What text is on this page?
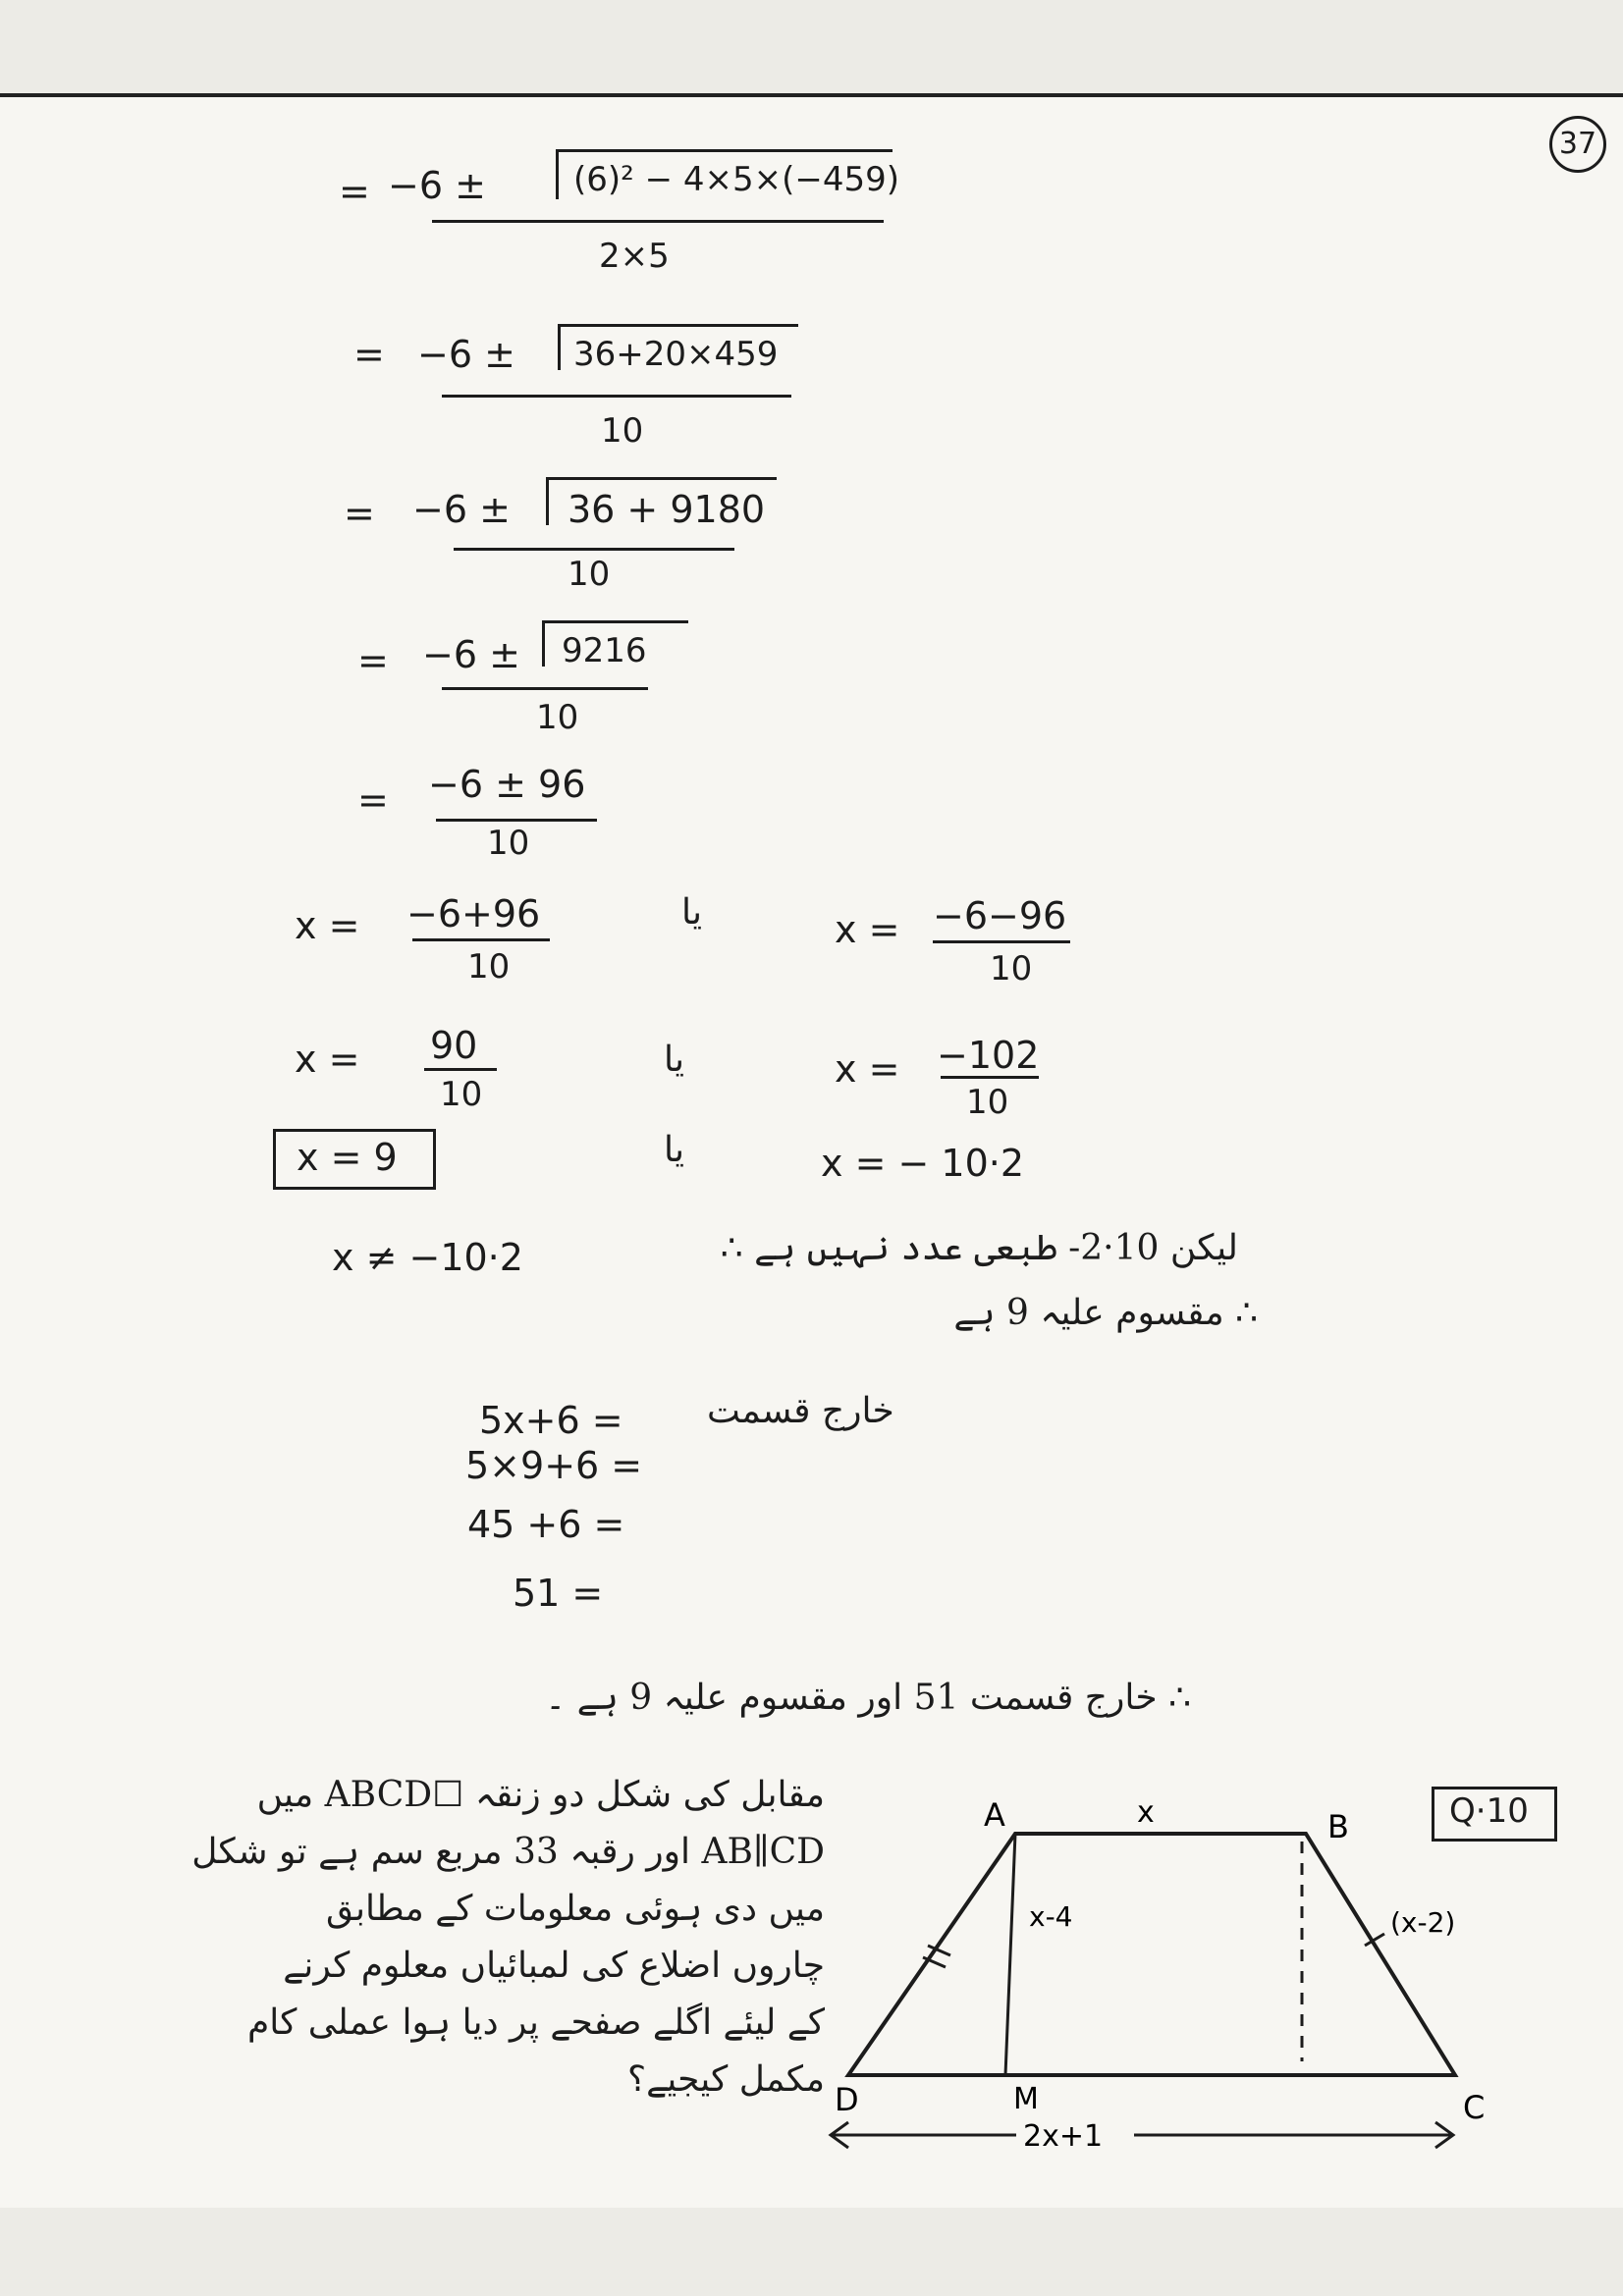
37
= −6 ±	(6)² − 4×5×(−459)
2×5
= −6 ± 36+20×459
10
= −6 ± 36 + 9180
10
= −6 ± 9216
10
= −6 ± 96
10
x = −6+96
10
یا	x = −6−96
10
x = 90
10
یا	x = −102
10
x = 9	یا	x = − 10·2
x ≠ −10·2	لیکن 10·2- طبعی عدد نہیں ہے ∴
∴ مقسوم علیہ 9 ہے
خارج قسمت
5x+6 =
5×9+6 =
45 +6 =
51 =
∴ خارج قسمت 51 اور مقسوم علیہ 9 ہے ۔
مقابل کی شکل دو زنقہ ☐ABCD میں
AB∥CD اور رقبہ 33 مربع سم ہے تو شکل
میں دی ہوئی معلومات کے مطابق
چاروں اضلاع کی لمبائیاں معلوم کرنے
کے لیئے اگلے صفحے پر دیا ہوا عملی کام
مکمل کیجیے؟
Q·10
A	B
C
D	M
x
x-4	(x-2)
2x+1
